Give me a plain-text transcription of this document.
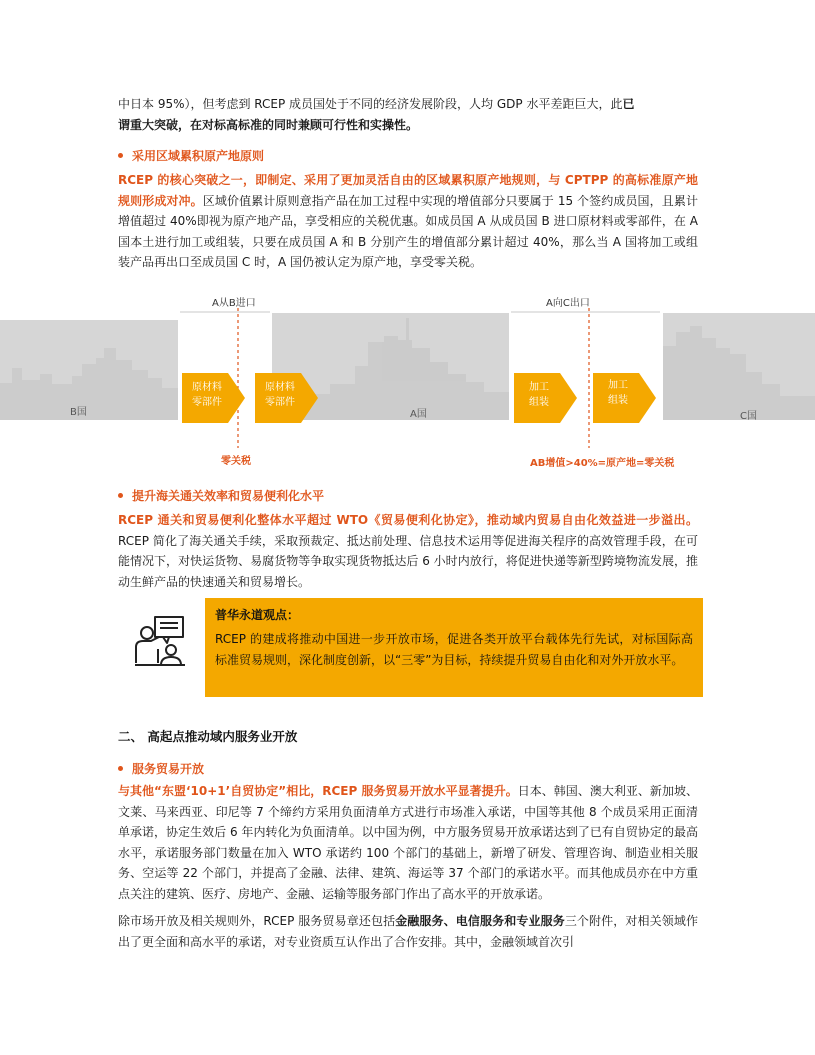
中日本 95%），但考虑到 RCEP 成员国处于不同的经济发展阶段，人均 GDP 水平差距巨大，此已
谓重大突破，在对标高标准的同时兼顾可行性和实操性。

采用区域累积原产地原则

RCEP 的核心突破之一，即制定、采用了更加灵活自由的区域累积原产地规则，与 CPTPP 的高标准原产地规则形成对冲。区域价值累计原则意指产品在加工过程中实现的增值部分只要属于 15 个签约成员国，且累计增值超过 40%即视为原产地产品，享受相应的关税优惠。如成员国 A 从成员国 B 进口原材料或零部件，在 A 国本土进行加工或组装，只要在成员国 A 和 B 分别产生的增值部分累计超过 40%，那么当 A 国将加工或组装产品再出口至成员国 C 时，A 国仍被认定为原产地，享受零关税。

A从B进口	A向C出口
B国	A国	C国
原材料
零部件
原材料
零部件
加工
组装
加工
组装
零关税	AB增值>40%=原产地=零关税
提升海关通关效率和贸易便利化水平

RCEP 通关和贸易便利化整体水平超过 WTO《贸易便利化协定》，推动域内贸易自由化效益进一步溢出。RCEP 简化了海关通关手续，采取预裁定、抵达前处理、信息技术运用等促进海关程序的高效管理手段，在可能情况下，对快运货物、易腐货物等争取实现货物抵达后 6 小时内放行，将促进快递等新型跨境物流发展，推动生鲜产品的快速通关和贸易增长。

普华永道观点：
RCEP 的建成将推动中国进一步开放市场，促进各类开放平台载体先行先试，对标国际高标准贸易规则，深化制度创新，以“三零”为目标，持续提升贸易自由化和对外开放水平。
二、 高起点推动域内服务业开放
服务贸易开放

与其他“东盟‘10+1’自贸协定”相比，RCEP 服务贸易开放水平显著提升。日本、韩国、澳大利亚、新加坡、文莱、马来西亚、印尼等 7 个缔约方采用负面清单方式进行市场准入承诺，中国等其他 8 个成员采用正面清单承诺，协定生效后 6 年内转化为负面清单。以中国为例，中方服务贸易开放承诺达到了已有自贸协定的最高水平，承诺服务部门数量在加入 WTO 承诺约 100 个部门的基础上，新增了研发、管理咨询、制造业相关服务、空运等 22 个部门，并提高了金融、法律、建筑、海运等 37 个部门的承诺水平。而其他成员亦在中方重点关注的建筑、医疗、房地产、金融、运输等服务部门作出了高水平的开放承诺。

除市场开放及相关规则外，RCEP 服务贸易章还包括金融服务、电信服务和专业服务三个附件，对相关领域作出了更全面和高水平的承诺，对专业资质互认作出了合作安排。其中，金融领域首次引
